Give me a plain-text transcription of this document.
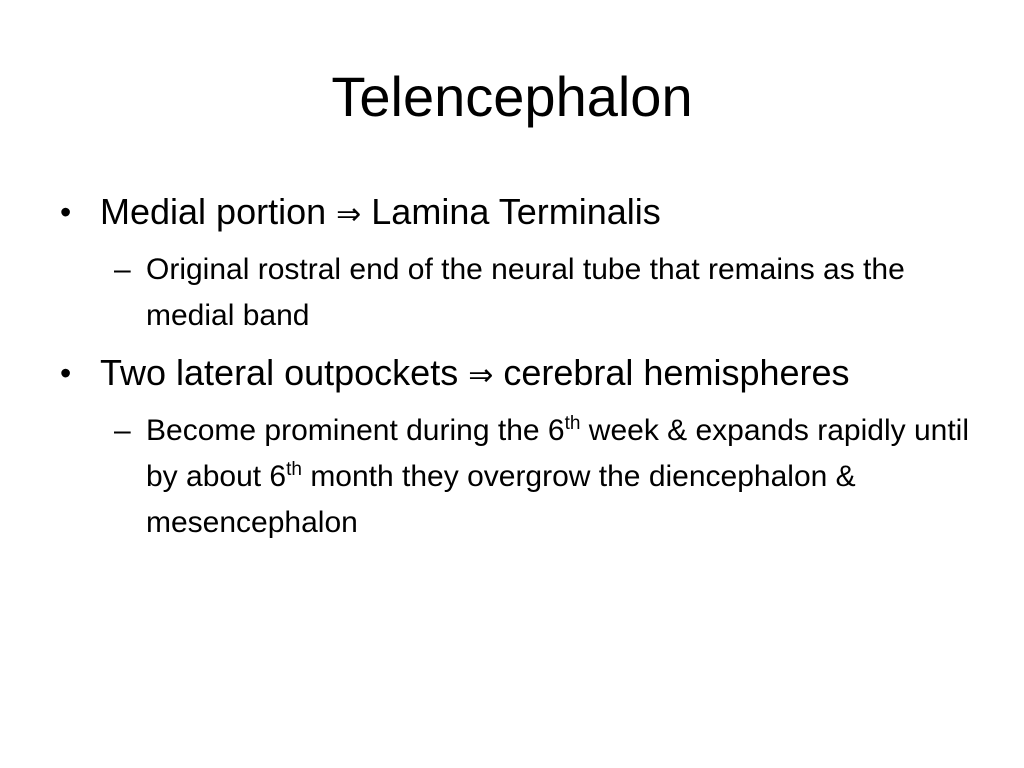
Telencephalon
• Medial portion ⇒ Lamina Terminalis
– Original rostral end of the neural tube that remains as the medial band
• Two lateral outpockets ⇒ cerebral hemispheres
– Become prominent during the 6th week & expands rapidly until by about 6th month they overgrow the diencephalon & mesencephalon
